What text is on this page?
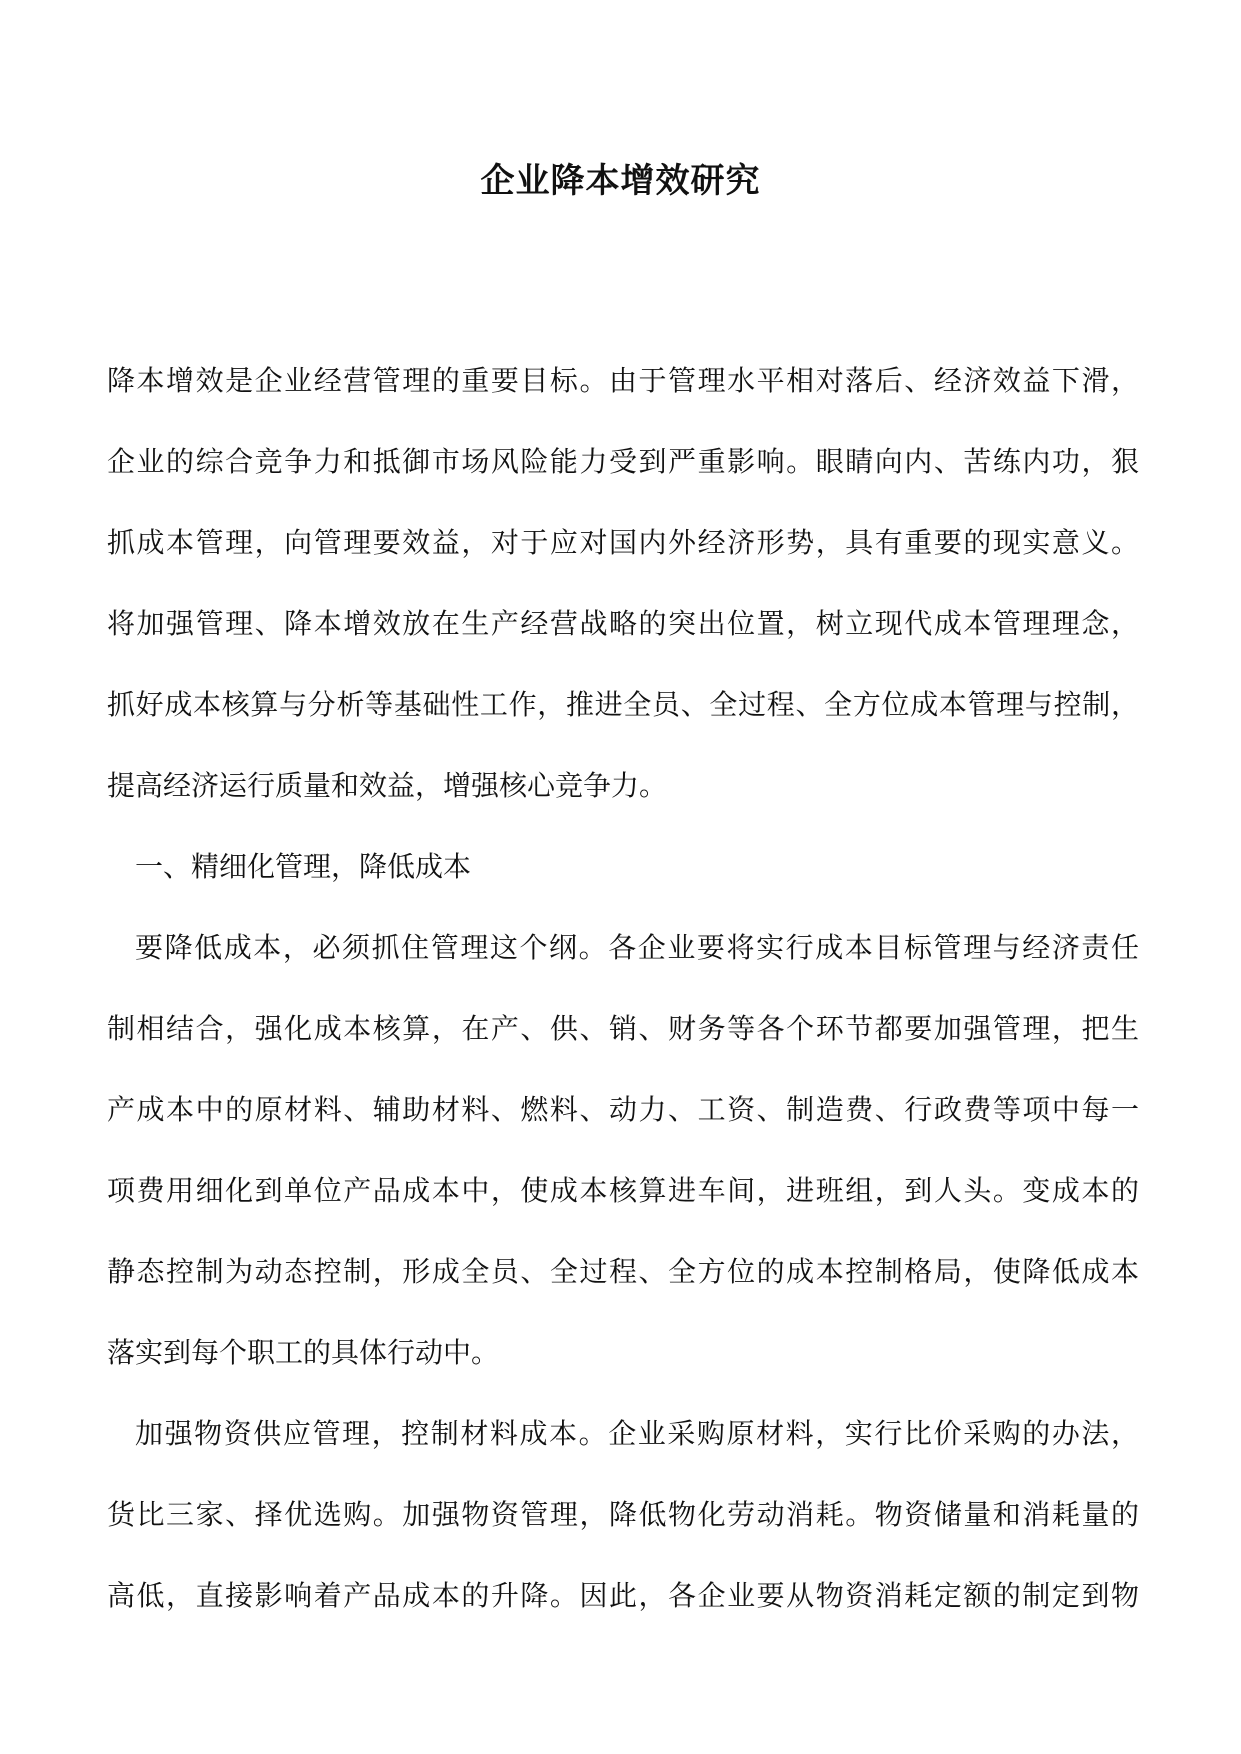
企业降本增效研究
降本增效是企业经营管理的重要目标。由于管理水平相对落后、经济效益下滑，
企业的综合竞争力和抵御市场风险能力受到严重影响。眼睛向内、苦练内功，狠
抓成本管理，向管理要效益，对于应对国内外经济形势，具有重要的现实意义。
将加强管理、降本增效放在生产经营战略的突出位置，树立现代成本管理理念，
抓好成本核算与分析等基础性工作，推进全员、全过程、全方位成本管理与控制，
提高经济运行质量和效益，增强核心竞争力。
一、精细化管理，降低成本
要降低成本，必须抓住管理这个纲。各企业要将实行成本目标管理与经济责任
制相结合，强化成本核算，在产、供、销、财务等各个环节都要加强管理，把生
产成本中的原材料、辅助材料、燃料、动力、工资、制造费、行政费等项中每一
项费用细化到单位产品成本中，使成本核算进车间，进班组，到人头。变成本的
静态控制为动态控制，形成全员、全过程、全方位的成本控制格局，使降低成本
落实到每个职工的具体行动中。
加强物资供应管理，控制材料成本。企业采购原材料，实行比价采购的办法，
货比三家、择优选购。加强物资管理，降低物化劳动消耗。物资储量和消耗量的
高低，直接影响着产品成本的升降。因此，各企业要从物资消耗定额的制定到物
